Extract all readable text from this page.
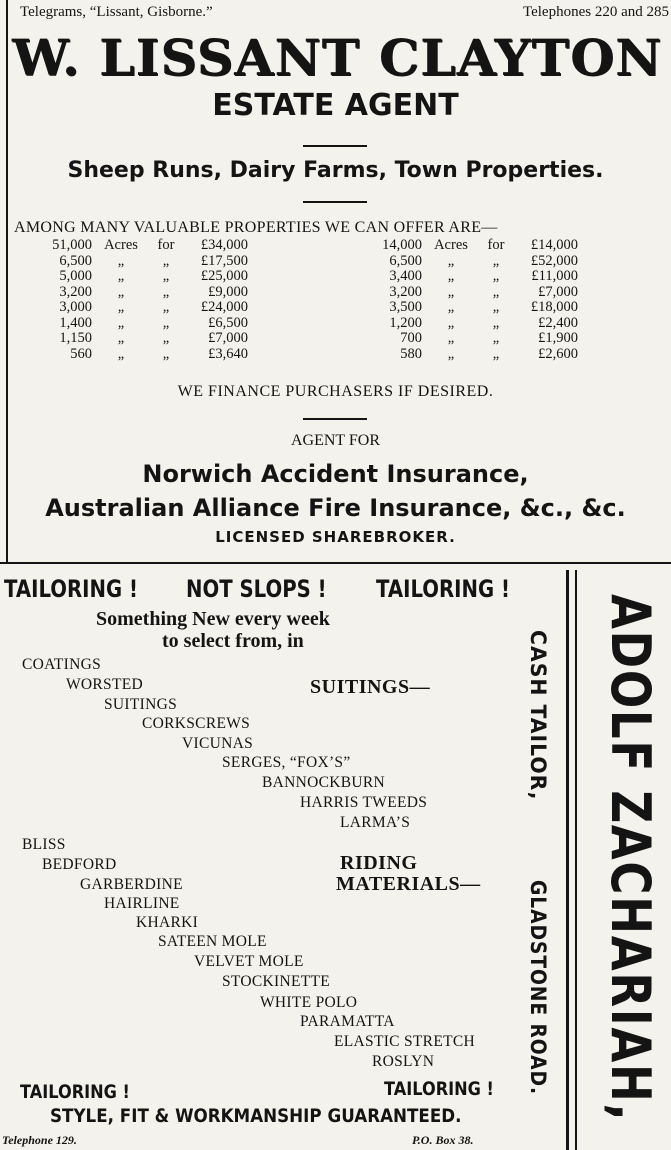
Telegrams, “Lissant, Gisborne.”	Telephones 220 and 285
W. LISSANT CLAYTON
ESTATE AGENT
Sheep Runs, Dairy Farms, Town Properties.
AMONG MANY VALUABLE PROPERTIES WE CAN OFFER ARE—
51,000 Acres	for	£34,000
6,500	„	„	£17,500
5,000	„	„	£25,000
3,200	„	„	£9,000
3,000	„	„	£24,000
1,400	„	„	£6,500
1,150	„	„	£7,000
560	„	„	£3,640
14,000 Acres	for	£14,000
6,500	„	„	£52,000
3,400	„	„	£11,000
3,200	„	„	£7,000
3,500	„	„	£18,000
1,200	„	„	£2,400
700	„	„	£1,900
580	„	„	£2,600
WE FINANCE PURCHASERS IF DESIRED.
AGENT FOR
Norwich Accident Insurance,
Australian Alliance Fire Insurance, &c., &c.
LICENSED SHAREBROKER.
TAILORING ! NOT SLOPS ! TAILORING !
Something New every week
to select from, in
SUITINGS—
COATINGS
WORSTED
SUITINGS
CORKSCREWS
VICUNAS
SERGES, “FOX’S”
BANNOCKBURN
HARRIS TWEEDS
LARMA’S
RIDING
MATERIALS—
BLISS
BEDFORD
GARBERDINE
HAIRLINE
KHARKI
SATEEN MOLE
VELVET MOLE
STOCKINETTE
WHITE POLO
PARAMATTA
ELASTIC STRETCH
ROSLYN
TAILORING !	TAILORING !
STYLE, FIT & WORKMANSHIP GUARANTEED.
Telephone 129.	P.O. Box 38.
CASH TAILOR,
GLADSTONE ROAD. ADOLF ZACHARIAH,
